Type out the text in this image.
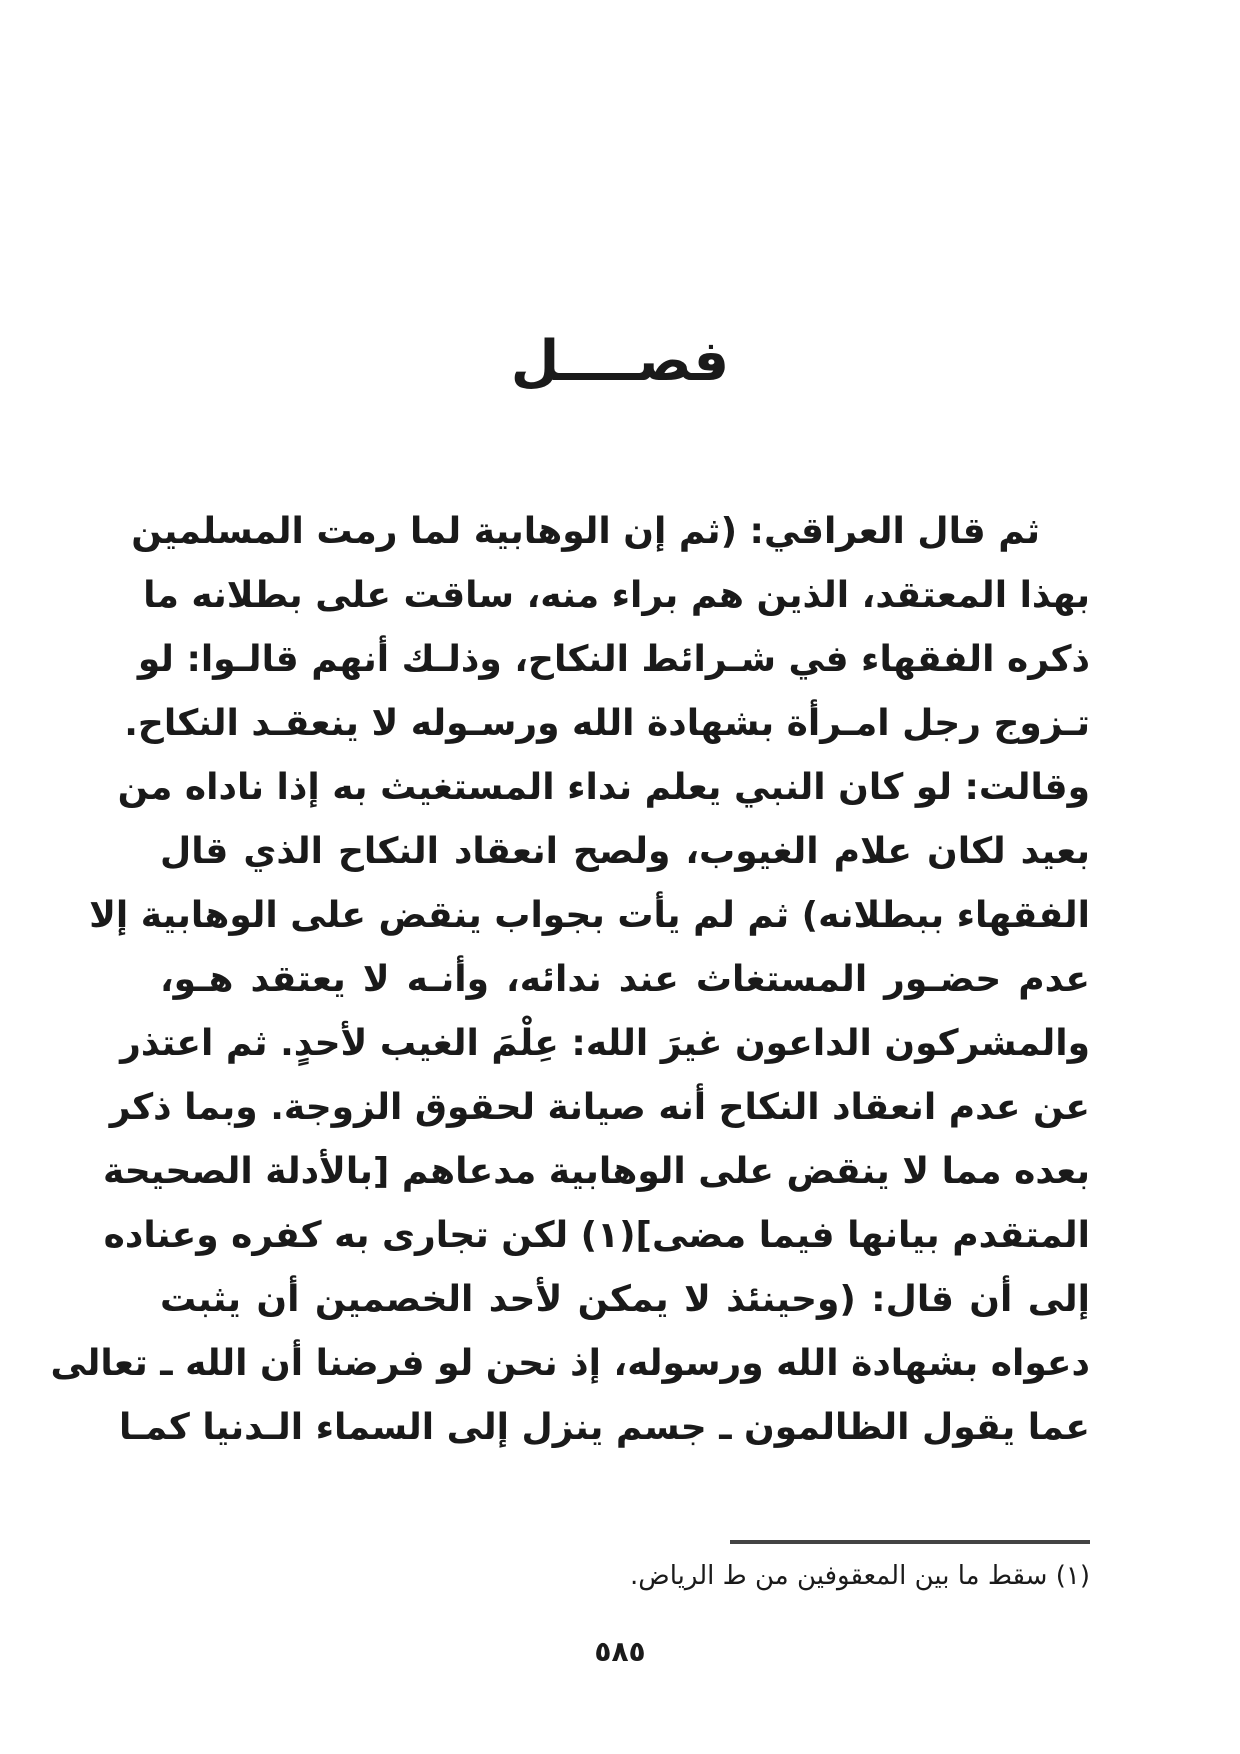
فصــــل
ثم قال العراقي: (ثم إن الوهابية لما رمت المسلمين
بهذا المعتقد، الذين هم براء منه، ساقت على بطلانه ما
ذكره الفقهاء في شـرائط النكاح، وذلـك أنهم قالـوا: لو
تـزوج رجل امـرأة بشهادة الله ورسـوله لا ينعقـد النكاح.
وقالت: لو كان النبي يعلم نداء المستغيث به إذا ناداه من
بعيد لكان علام الغيوب، ولصح انعقاد النكاح الذي قال
الفقهاء ببطلانه) ثم لم يأت بجواب ينقض على الوهابية إلا
عدم حضـور المستغاث عند ندائه، وأنـه لا يعتقد هـو،
والمشركون الداعون غيرَ الله: عِلْمَ الغيب لأحدٍ. ثم اعتذر
عن عدم انعقاد النكاح أنه صيانة لحقوق الزوجة. وبما ذكر
بعده مما لا ينقض على الوهابية مدعاهم [بالأدلة الصحيحة
المتقدم بيانها فيما مضى](١) لكن تجارى به كفره وعناده
إلى أن قال: (وحينئذ لا يمكن لأحد الخصمين أن يثبت
دعواه بشهادة الله ورسوله، إذ نحن لو فرضنا أن الله ـ تعالى
عما يقول الظالمون ـ جسم ينزل إلى السماء الـدنيا كمـا
(١) سقط ما بين المعقوفين من ط الرياض.
٥٨٥
